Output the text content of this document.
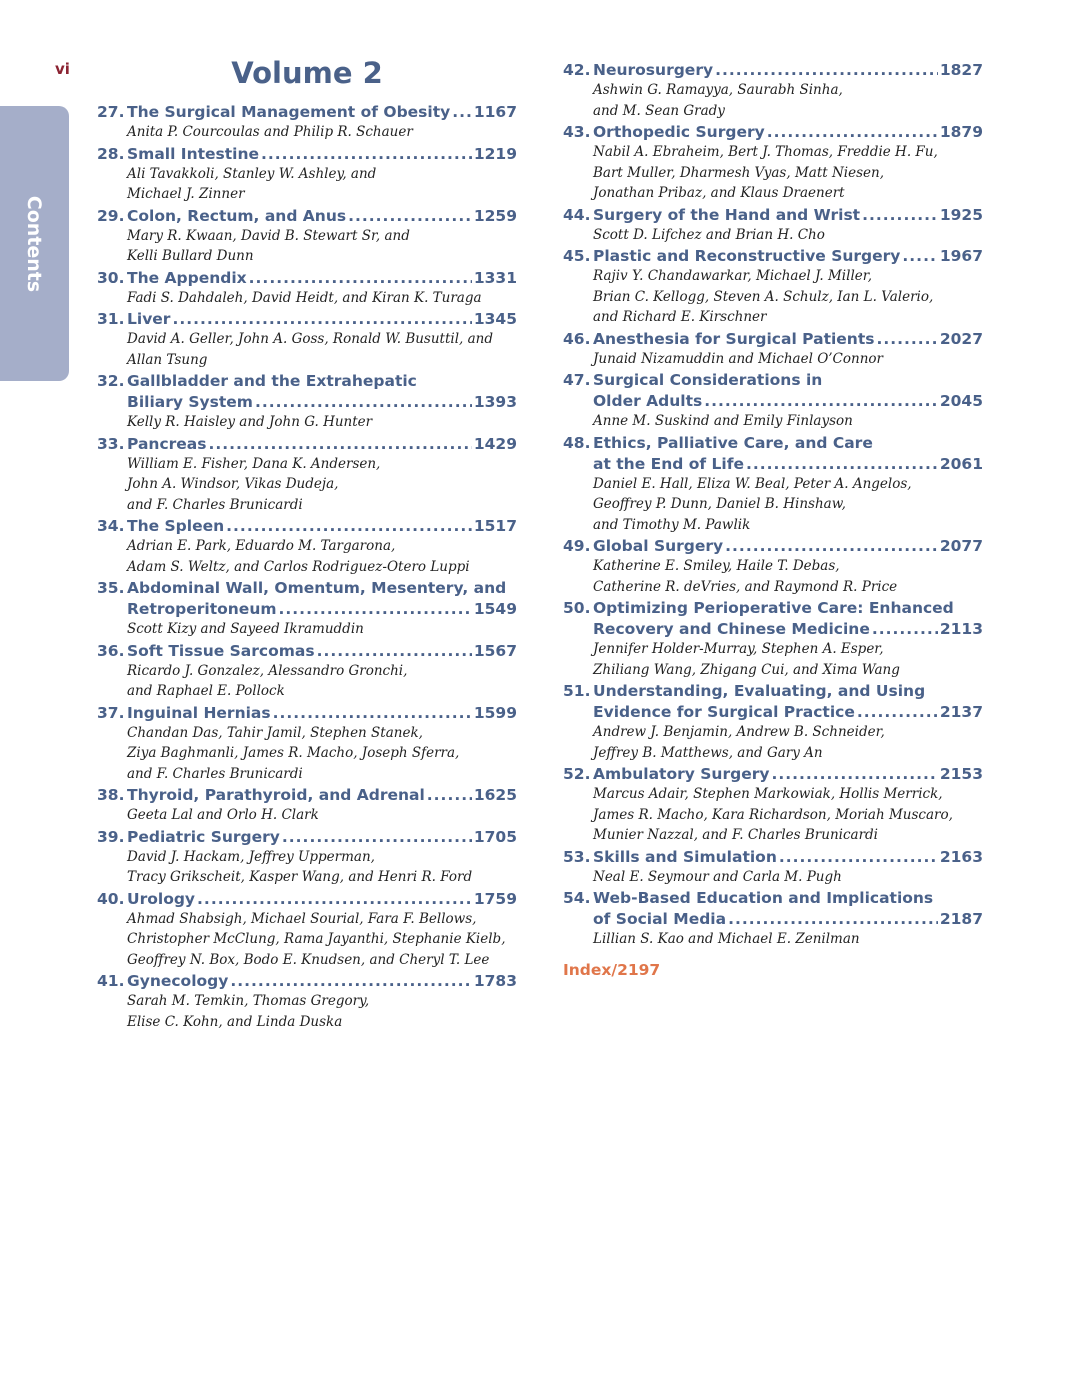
vi
Contents
Volume 2
27. The Surgical Management of Obesity ..... 1167
Anita P. Courcoulas and Philip R. Schauer
28. Small Intestine .....	1219
Ali Tavakkoli, Stanley W. Ashley, and
Michael J. Zinner
29. Colon, Rectum, and Anus .....	1259
Mary R. Kwaan, David B. Stewart Sr, and
Kelli Bullard Dunn
30. The Appendix .....	1331
Fadi S. Dahdaleh, David Heidt, and Kiran K. Turaga
31. Liver .....	1345
David A. Geller, John A. Goss, Ronald W. Busuttil, and
Allan Tsung
32. Gallbladder and the Extrahepatic
Biliary System .....	1393
Kelly R. Haisley and John G. Hunter
33. Pancreas .....	1429
William E. Fisher, Dana K. Andersen,
John A. Windsor, Vikas Dudeja,
and F. Charles Brunicardi
34. The Spleen .....	1517
Adrian E. Park, Eduardo M. Targarona,
Adam S. Weltz, and Carlos Rodriguez-Otero Luppi
35. Abdominal Wall, Omentum, Mesentery, and
Retroperitoneum .....	1549
Scott Kizy and Sayeed Ikramuddin
36. Soft Tissue Sarcomas .....	1567
Ricardo J. Gonzalez, Alessandro Gronchi,
and Raphael E. Pollock
37. Inguinal Hernias .....	1599
Chandan Das, Tahir Jamil, Stephen Stanek,
Ziya Baghmanli, James R. Macho, Joseph Sferra,
and F. Charles Brunicardi
38. Thyroid, Parathyroid, and Adrenal .....	1625
Geeta Lal and Orlo H. Clark
39. Pediatric Surgery .....	1705
David J. Hackam, Jeffrey Upperman,
Tracy Grikscheit, Kasper Wang, and Henri R. Ford
40. Urology .....	1759
Ahmad Shabsigh, Michael Sourial, Fara F. Bellows,
Christopher McClung, Rama Jayanthi, Stephanie Kielb,
Geoffrey N. Box, Bodo E. Knudsen, and Cheryl T. Lee
41. Gynecology .....	1783
Sarah M. Temkin, Thomas Gregory,
Elise C. Kohn, and Linda Duska
42. Neurosurgery .....	1827
Ashwin G. Ramayya, Saurabh Sinha,
and M. Sean Grady
43. Orthopedic Surgery .....	1879
Nabil A. Ebraheim, Bert J. Thomas, Freddie H. Fu,
Bart Muller, Dharmesh Vyas, Matt Niesen,
Jonathan Pribaz, and Klaus Draenert
44. Surgery of the Hand and Wrist .....	1925
Scott D. Lifchez and Brian H. Cho
45. Plastic and Reconstructive Surgery .....	1967
Rajiv Y. Chandawarkar, Michael J. Miller,
Brian C. Kellogg, Steven A. Schulz, Ian L. Valerio,
and Richard E. Kirschner
46. Anesthesia for Surgical Patients .....	2027
Junaid Nizamuddin and Michael O’Connor
47. Surgical Considerations in
Older Adults .....	2045
Anne M. Suskind and Emily Finlayson
48. Ethics, Palliative Care, and Care
at the End of Life .....	2061
Daniel E. Hall, Eliza W. Beal, Peter A. Angelos,
Geoffrey P. Dunn, Daniel B. Hinshaw,
and Timothy M. Pawlik
49. Global Surgery .....	2077
Katherine E. Smiley, Haile T. Debas,
Catherine R. deVries, and Raymond R. Price
50. Optimizing Perioperative Care: Enhanced
Recovery and Chinese Medicine .....	2113
Jennifer Holder-Murray, Stephen A. Esper,
Zhiliang Wang, Zhigang Cui, and Xima Wang
51. Understanding, Evaluating, and Using
Evidence for Surgical Practice .....	2137
Andrew J. Benjamin, Andrew B. Schneider,
Jeffrey B. Matthews, and Gary An
52. Ambulatory Surgery .....	2153
Marcus Adair, Stephen Markowiak, Hollis Merrick,
James R. Macho, Kara Richardson, Moriah Muscaro,
Munier Nazzal, and F. Charles Brunicardi
53. Skills and Simulation .....	2163
Neal E. Seymour and Carla M. Pugh
54. Web-Based Education and Implications
of Social Media .....	2187
Lillian S. Kao and Michael E. Zenilman
Index/2197
